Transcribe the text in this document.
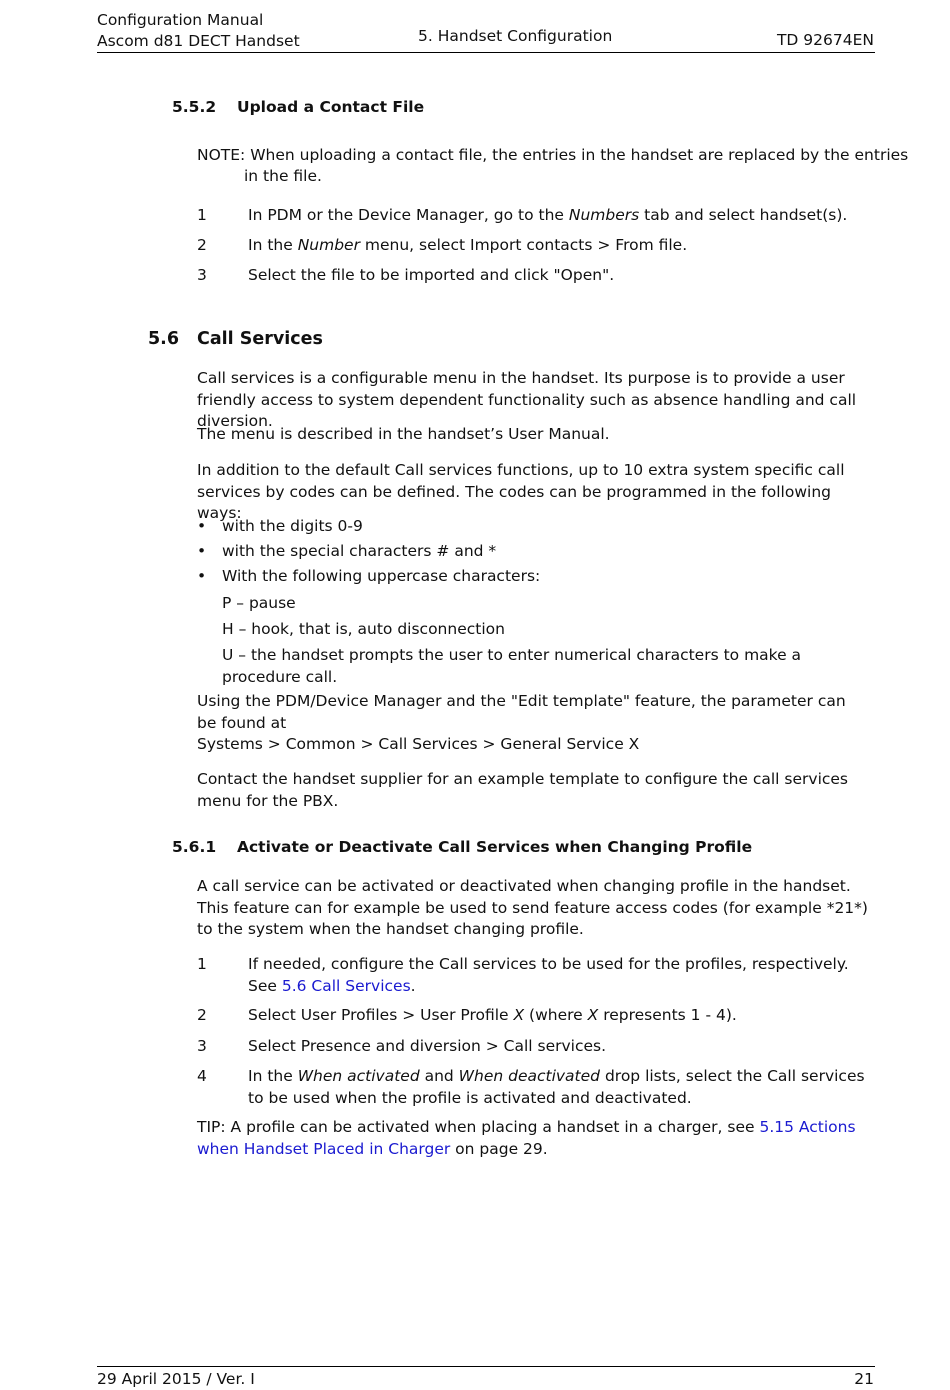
Configuration Manual
Ascom d81 DECT Handset	5. Handset Configuration	TD 92674EN
5.5.2 Upload a Contact File
NOTE: When uploading a contact file, the entries in the handset are replaced by the entries
in the file.
1	In PDM or the Device Manager, go to the Numbers tab and select handset(s).
2	In the Number menu, select Import contacts > From file.
3	Select the file to be imported and click "Open".
5.6 Call Services
Call services is a configurable menu in the handset. Its purpose is to provide a user friendly access to system dependent functionality such as absence handling and call diversion.
The menu is described in the handset’s User Manual.
In addition to the default Call services functions, up to 10 extra system specific call services by codes can be defined. The codes can be programmed in the following ways:
• with the digits 0-9
• with the special characters # and *
• With the following uppercase characters:
P – pause
H – hook, that is, auto disconnection
U – the handset prompts the user to enter numerical characters to make a procedure call.
Using the PDM/Device Manager and the "Edit template" feature, the parameter can be found at
Systems > Common > Call Services > General Service X
Contact the handset supplier for an example template to configure the call services menu for the PBX.
5.6.1 Activate or Deactivate Call Services when Changing Profile
A call service can be activated or deactivated when changing profile in the handset. This feature can for example be used to send feature access codes (for example *21*) to the system when the handset changing profile.
1	If needed, configure the Call services to be used for the profiles, respectively. See 5.6 Call Services.
2	Select User Profiles > User Profile X (where X represents 1 - 4).
3	Select Presence and diversion > Call services.
4	In the When activated and When deactivated drop lists, select the Call services to be used when the profile is activated and deactivated.
TIP: A profile can be activated when placing a handset in a charger, see 5.15 Actions when Handset Placed in Charger on page 29.
29 April 2015 / Ver. I	21
